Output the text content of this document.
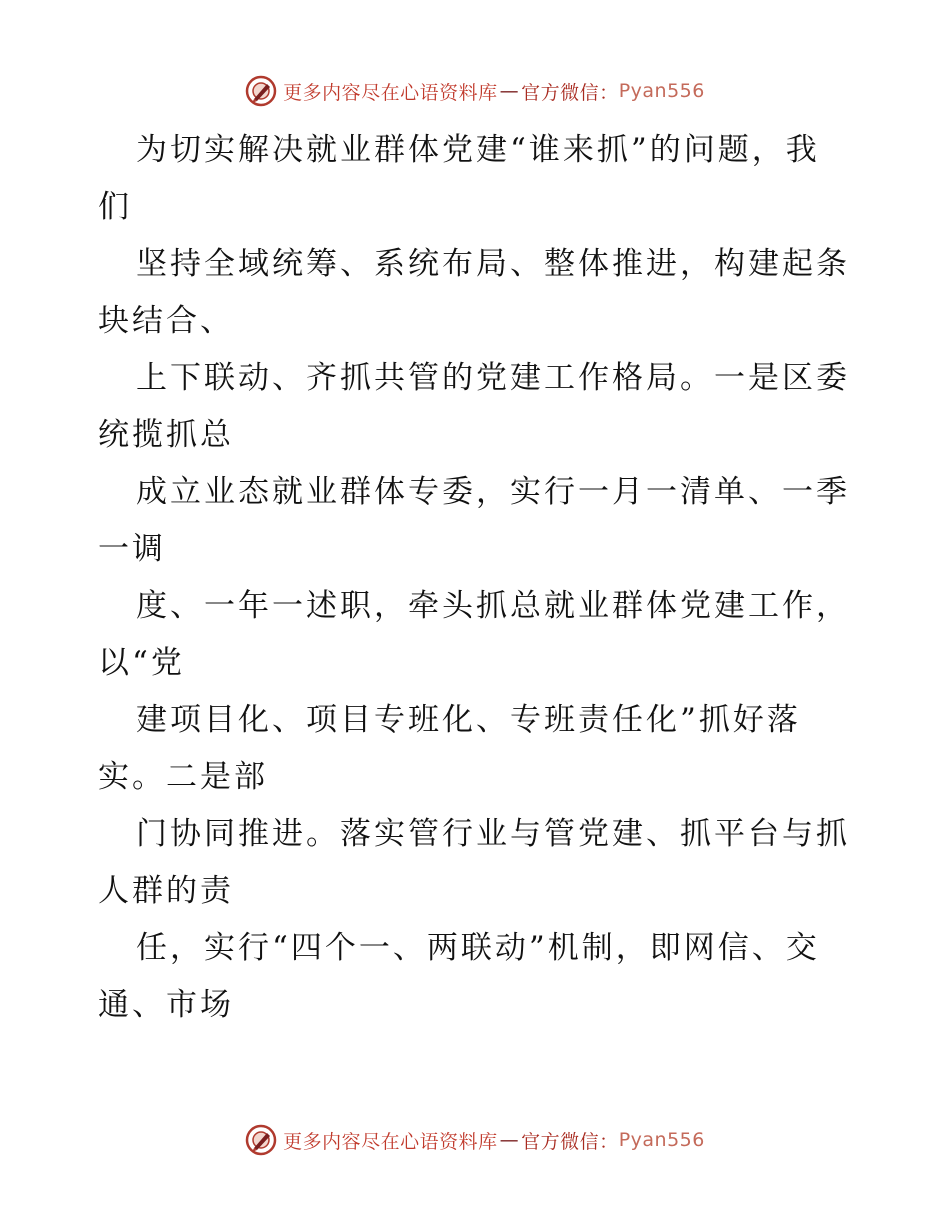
更多内容尽在心语资料库 — 官方微信： Pyan556

为切实解决就业群体党建“谁来抓”的问题，我
们

坚持全域统筹、系统布局、整体推进，构建起条
块结合、

上下联动、齐抓共管的党建工作格局。一是区委
统揽抓总

成立业态就业群体专委，实行一月一清单、一季
一调

度、一年一述职，牵头抓总就业群体党建工作，
以“党

建项目化、项目专班化、专班责任化”抓好落
实。二是部

门协同推进。落实管行业与管党建、抓平台与抓
人群的责

任，实行“四个一、两联动”机制，即网信、交
通、市场

更多内容尽在心语资料库 — 官方微信： Pyan556
